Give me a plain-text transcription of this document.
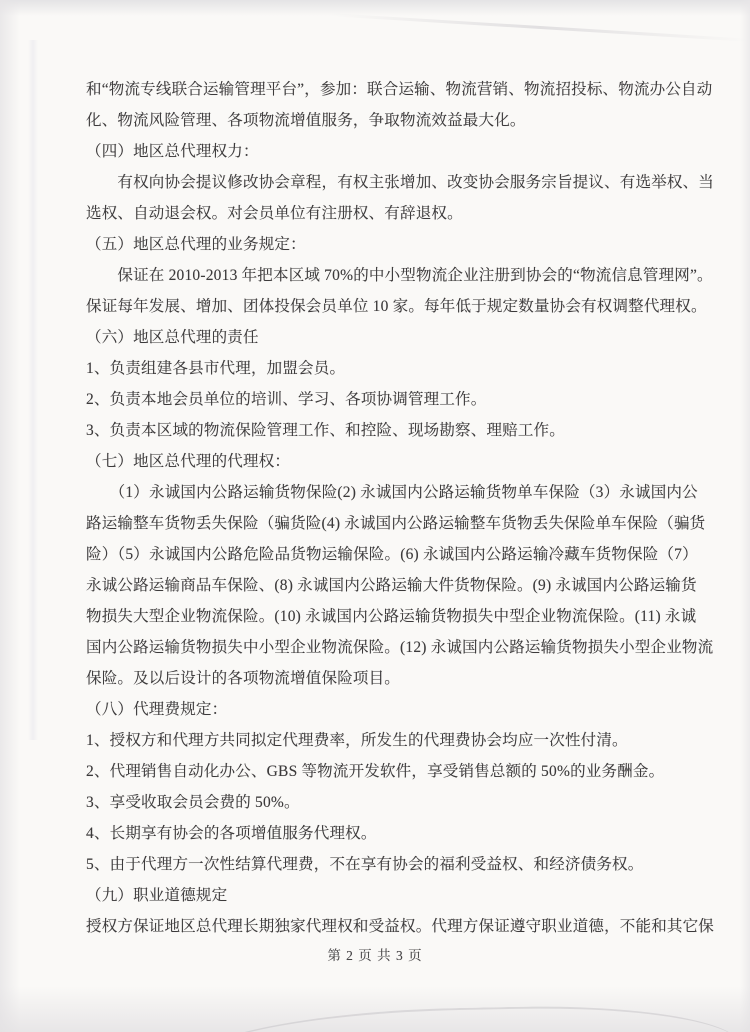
和“物流专线联合运输管理平台”，参加：联合运输、物流营销、物流招投标、物流办公自动
化、物流风险管理、各项物流增值服务，争取物流效益最大化。
（四）地区总代理权力：
　　有权向协会提议修改协会章程，有权主张增加、改变协会服务宗旨提议、有选举权、当
选权、自动退会权。对会员单位有注册权、有辞退权。
（五）地区总代理的业务规定：
　　保证在 2010-2013 年把本区域 70%的中小型物流企业注册到协会的“物流信息管理网”。
保证每年发展、增加、团体投保会员单位 10 家。每年低于规定数量协会有权调整代理权。
（六）地区总代理的责任
1、负责组建各县市代理，加盟会员。
2、负责本地会员单位的培训、学习、各项协调管理工作。
3、负责本区域的物流保险管理工作、和控险、现场勘察、理赔工作。
（七）地区总代理的代理权：
　　（1）永诚国内公路运输货物保险(2) 永诚国内公路运输货物单车保险（3）永诚国内公
路运输整车货物丢失保险（骗货险(4) 永诚国内公路运输整车货物丢失保险单车保险（骗货
险）（5）永诚国内公路危险品货物运输保险。(6) 永诚国内公路运输冷藏车货物保险（7）
永诚公路运输商品车保险、(8) 永诚国内公路运输大件货物保险。(9) 永诚国内公路运输货
物损失大型企业物流保险。(10) 永诚国内公路运输货物损失中型企业物流保险。(11) 永诚
国内公路运输货物损失中小型企业物流保险。(12) 永诚国内公路运输货物损失小型企业物流
保险。及以后设计的各项物流增值保险项目。
（八）代理费规定：
1、授权方和代理方共同拟定代理费率，所发生的代理费协会均应一次性付清。
2、代理销售自动化办公、GBS 等物流开发软件，享受销售总额的 50%的业务酬金。
3、享受收取会员会费的 50%。
4、长期享有协会的各项增值服务代理权。
5、由于代理方一次性结算代理费，不在享有协会的福利受益权、和经济债务权。
（九）职业道德规定
授权方保证地区总代理长期独家代理权和受益权。代理方保证遵守职业道德，不能和其它保
第 2 页 共 3 页
